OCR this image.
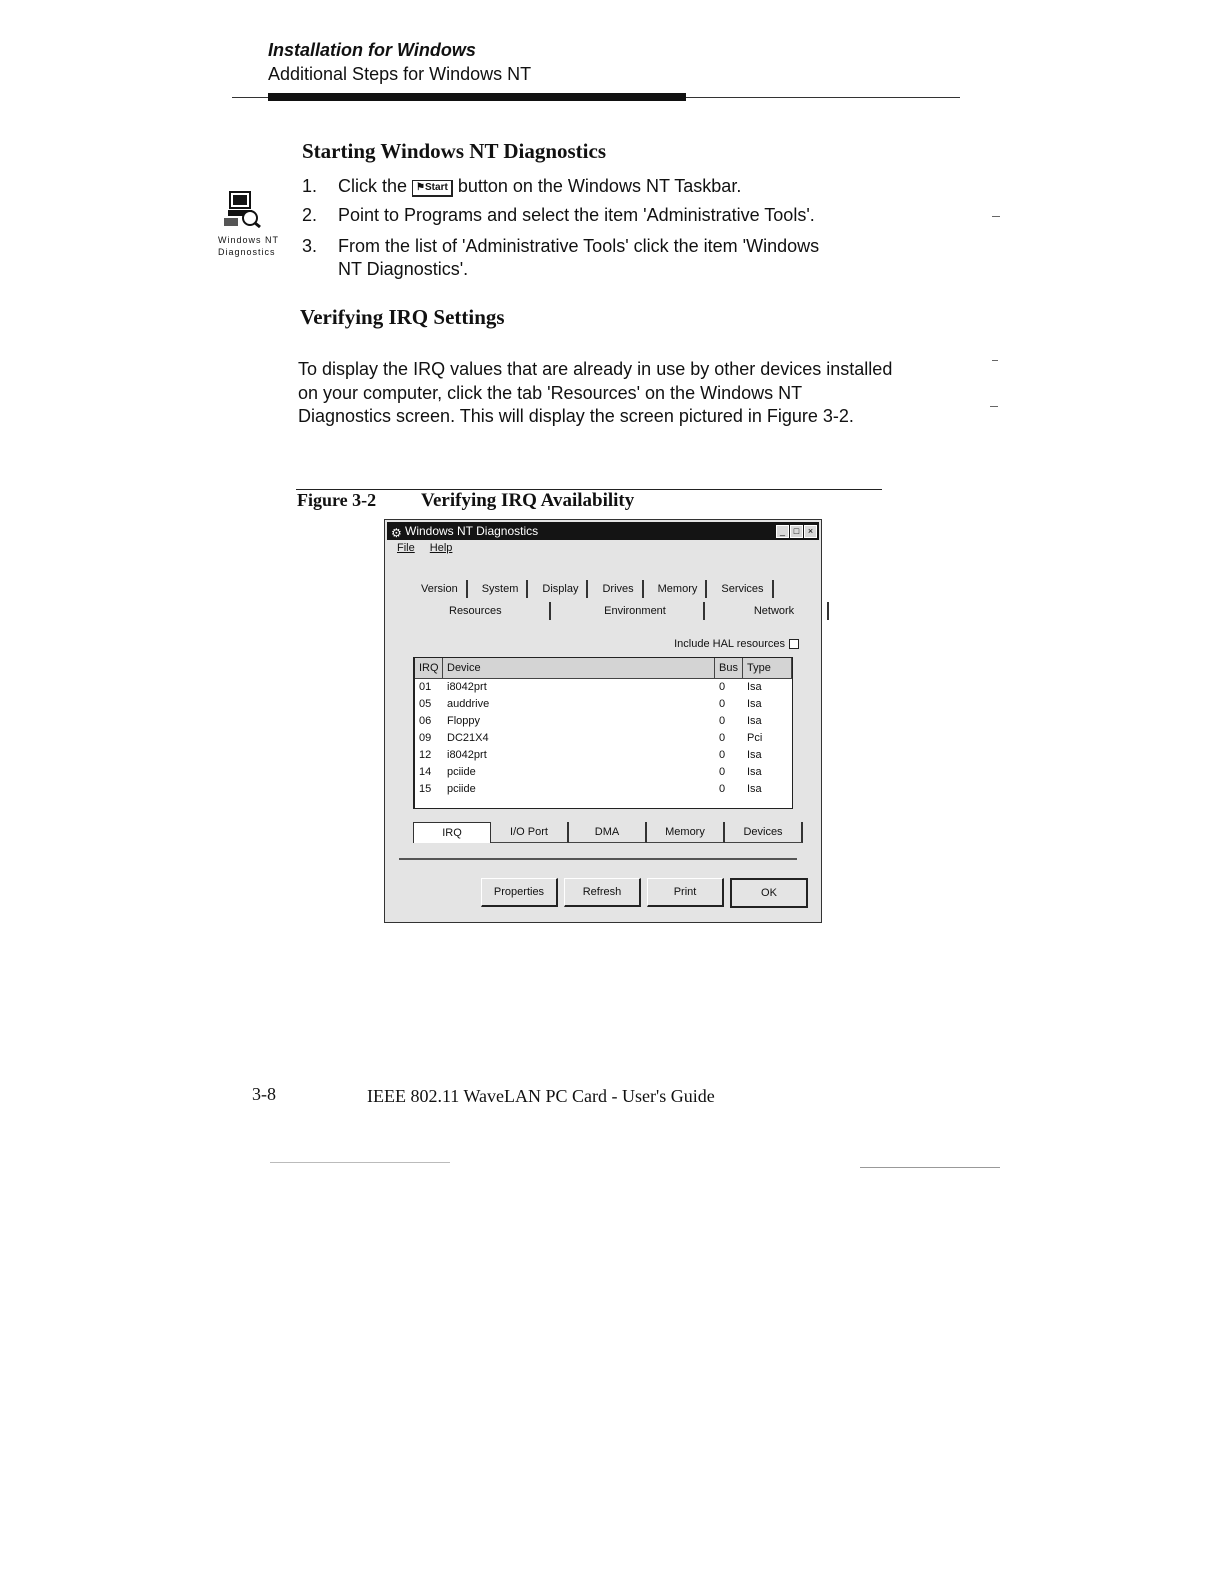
Installation for Windows
Additional Steps for Windows NT
Windows NT
Diagnostics
Starting Windows NT Diagnostics
1. Click the ⚑Start button on the Windows NT Taskbar.
2. Point to Programs and select the item 'Administrative Tools'.
3. From the list of 'Administrative Tools' click the item 'Windows
NT Diagnostics'.
Verifying IRQ Settings
To display the IRQ values that are already in use by other devices installed on your computer, click the tab 'Resources' on the Windows NT Diagnostics screen. This will display the screen pictured in Figure 3-2.
Figure 3-2 Verifying IRQ Availability
⚙ Windows NT Diagnostics	_ □ ×
File Help
Version	System	Display	Drives	Memory	Services
Resources	Environment	Network
Include HAL resources
IRQ Device	Bus Type
01	i8042prt	0	Isa
05	auddrive	0	Isa
06	Floppy	0	Isa
09	DC21X4	0	Pci
12	i8042prt	0	Isa
14	pciide	0	Isa
15	pciide	0	Isa
IRQ	I/O Port	DMA	Memory	Devices
Properties	Refresh	Print	OK
3-8	IEEE 802.11 WaveLAN PC Card - User's Guide
